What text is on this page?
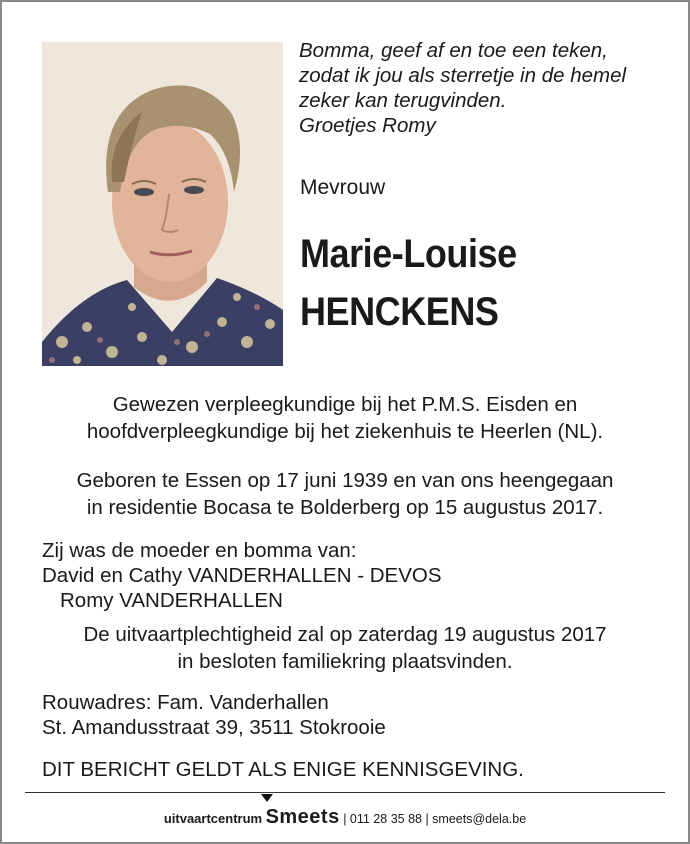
Bomma, geef af en toe een teken,
zodat ik jou als sterretje in de hemel
zeker kan terugvinden.
Groetjes Romy
Mevrouw
Marie-Louise
HENCKENS
Gewezen verpleegkundige bij het P.M.S. Eisden en
hoofdverpleegkundige bij het ziekenhuis te Heerlen (NL).
Geboren te Essen op 17 juni 1939 en van ons heengegaan
in residentie Bocasa te Bolderberg op 15 augustus 2017.
Zij was de moeder en bomma van:
David en Cathy VANDERHALLEN - DEVOS
Romy VANDERHALLEN
De uitvaartplechtigheid zal op zaterdag 19 augustus 2017
in besloten familiekring plaatsvinden.
Rouwadres: Fam. Vanderhallen
St. Amandusstraat 39, 3511 Stokrooie
DIT BERICHT GELDT ALS ENIGE KENNISGEVING.
uitvaartcentrum Smeets | 011 28 35 88 | smeets@dela.be
